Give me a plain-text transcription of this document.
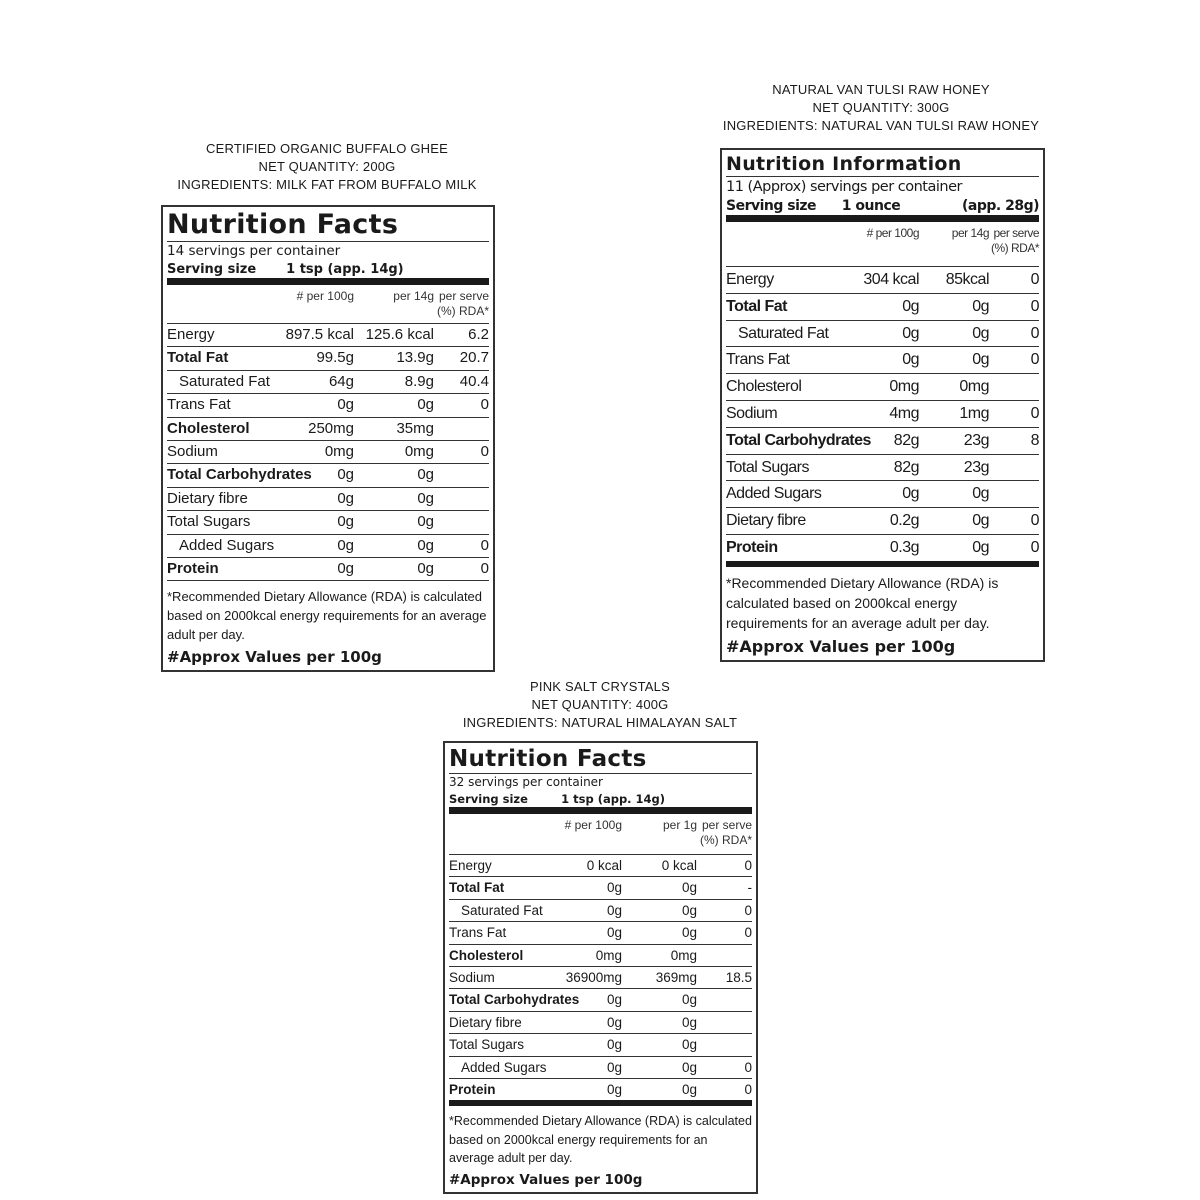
CERTIFIED ORGANIC BUFFALO GHEE
NET QUANTITY: 200G
INGREDIENTS: MILK FAT FROM BUFFALO MILK
Nutrition Facts
14 servings per container
Serving size	1 tsp (app. 14g)
# per 100g	per 14g per serve (%) RDA*
Energy	897.5 kcal 125.6 kcal	6.2
Total Fat	99.5g	13.9g	20.7
Saturated Fat	64g	8.9g	40.4
Trans Fat	0g	0g	0
Cholesterol	250mg	35mg
Sodium	0mg	0mg	0
Total Carbohydrates	0g	0g
Dietary fibre	0g	0g
Total Sugars	0g	0g
Added Sugars	0g	0g	0
Protein	0g	0g	0
*Recommended Dietary Allowance (RDA) is calculated based on 2000kcal energy requirements for an average adult per day.
#Approx Values per 100g
NATURAL VAN TULSI RAW HONEY
NET QUANTITY: 300G
INGREDIENTS: NATURAL VAN TULSI RAW HONEY
Nutrition Information
11 (Approx) servings per container
Serving size	1 ounce	(app. 28g)
# per 100g	per 14g per serve (%) RDA*
Energy	304 kcal	85kcal	0
Total Fat	0g	0g	0
Saturated Fat	0g	0g	0
Trans Fat	0g	0g	0
Cholesterol	0mg	0mg
Sodium	4mg	1mg	0
Total Carbohydrates	82g	23g	8
Total Sugars	82g	23g
Added Sugars	0g	0g
Dietary fibre	0.2g	0g	0
Protein	0.3g	0g	0
*Recommended Dietary Allowance (RDA) is calculated based on 2000kcal energy requirements for an average adult per day.
#Approx Values per 100g
PINK SALT CRYSTALS
NET QUANTITY: 400G
INGREDIENTS: NATURAL HIMALAYAN SALT
Nutrition Facts
32 servings per container
Serving size	1 tsp (app. 14g)
# per 100g	per 1g per serve (%) RDA*
Energy	0 kcal	0 kcal	0
Total Fat	0g	0g	-
Saturated Fat	0g	0g	0
Trans Fat	0g	0g	0
Cholesterol	0mg	0mg
Sodium	36900mg	369mg	18.5
Total Carbohydrates	0g	0g
Dietary fibre	0g	0g
Total Sugars	0g	0g
Added Sugars	0g	0g	0
Protein	0g	0g	0
*Recommended Dietary Allowance (RDA) is calculated based on 2000kcal energy requirements for an average adult per day.
#Approx Values per 100g
